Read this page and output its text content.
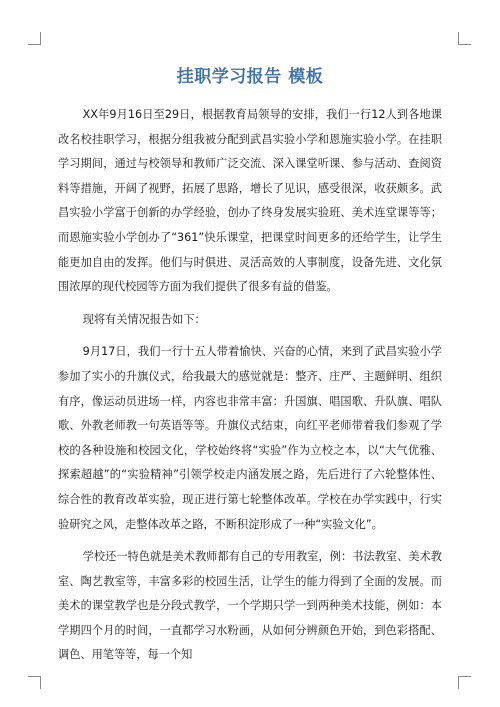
挂职学习报告 模板

XX年9月16日至29日，根据教育局领导的安排，我们一行12人到各地课改名校挂职学习，根据分组我被分配到武昌实验小学和恩施实验小学。在挂职学习期间，通过与校领导和教师广泛交流、深入课堂听课、参与活动、查阅资料等措施，开阔了视野，拓展了思路，增长了见识，感受很深，收获颇多。武昌实验小学富于创新的办学经验，创办了终身发展实验班、美术连堂课等等；而恩施实验小学创办了“361”快乐课堂，把课堂时间更多的还给学生，让学生能更加自由的发挥。他们与时俱进、灵活高效的人事制度，设备先进、文化氛围浓厚的现代校园等方面为我们提供了很多有益的借鉴。

现将有关情况报告如下：

9月17日，我们一行十五人带着愉快、兴奋的心情，来到了武昌实验小学参加了实小的升旗仪式，给我最大的感觉就是：整齐、庄严、主题鲜明、组织有序，像运动员进场一样，内容也非常丰富：升国旗、唱国歌、升队旗、唱队歌、外教老师教一句英语等等。升旗仪式结束，向红平老师带着我们参观了学校的各种设施和校园文化，学校始终将“实验”作为立校之本，以“大气优雅、探索超越”的“实验精神”引领学校走内涵发展之路，先后进行了六轮整体性、综合性的教育改革实验，现正进行第七轮整体改革。学校在办学实践中，行实验研究之风，走整体改革之路，不断积淀形成了一种“实验文化”。

学校还一特色就是美术教师都有自己的专用教室，例：书法教室、美术教室、陶艺教室等，丰富多彩的校园生活，让学生的能力得到了全面的发展。而美术的课堂教学也是分段式教学，一个学期只学一到两种美术技能，例如：本学期四个月的时间，一直都学习水粉画，从如何分辨颜色开始，到色彩搭配、调色、用笔等等，每一个知
